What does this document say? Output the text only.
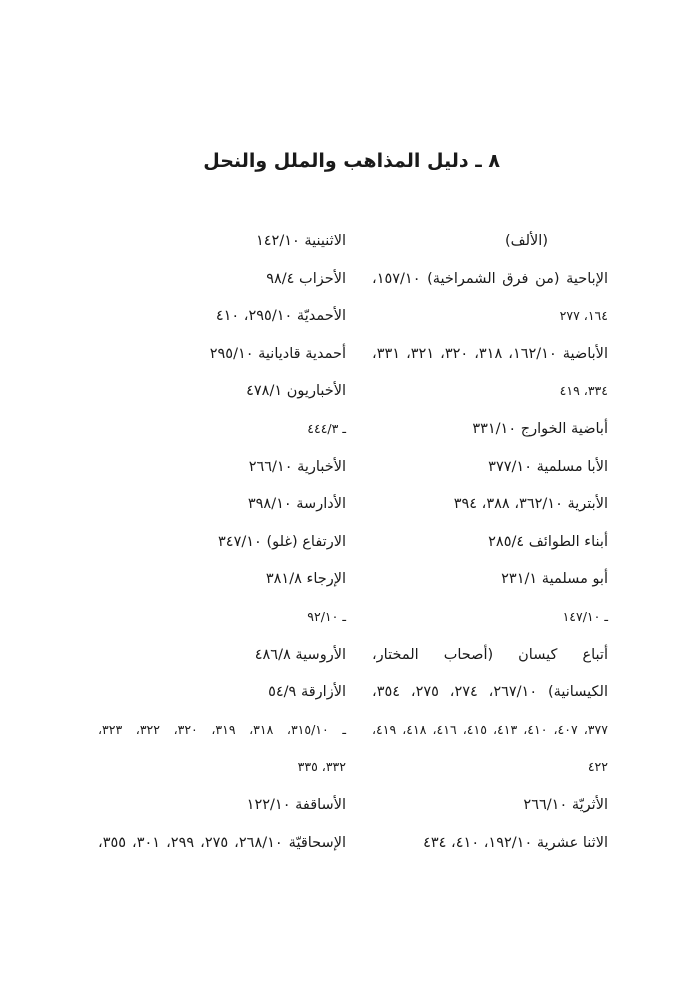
٨ ـ دليل المذاهب والملل والنحل
(الألف)
الإباحية (من فرق الشمراخية) ١٥٧/١٠،
١٦٤، ٢٧٧
الأباضية ١٦٢/١٠، ٣١٨، ٣٢٠، ٣٢١، ٣٣١،
٣٣٤، ٤١٩
أباضية الخوارج ٣٣١/١٠
الأبا مسلمية ٣٧٧/١٠
الأبترية ٣٦٢/١٠، ٣٨٨، ٣٩٤
أبناء الطوائف ٢٨٥/٤
أبو مسلمية ٢٣١/١
ـ ١٤٧/١٠
أتباع كيسان (أصحاب المختار،
الكيسانية) ٢٦٧/١٠، ٢٧٤، ٢٧٥، ٣٥٤،
٣٧٧، ٤٠٧، ٤١٠، ٤١٣، ٤١٥، ٤١٦، ٤١٨، ٤١٩،
٤٢٢
الأثريّة ٢٦٦/١٠
الاثنا عشرية ١٩٢/١٠، ٤١٠، ٤٣٤
الاثنينية ١٤٢/١٠
الأحزاب ٩٨/٤
الأحمديّة ٢٩٥/١٠، ٤١٠
أحمدية قاديانية ٢٩٥/١٠
الأخباريون ٤٧٨/١
ـ ٤٤٤/٣
الأخبارية ٢٦٦/١٠
الأدارسة ٣٩٨/١٠
الارتفاع (غلو) ٣٤٧/١٠
الإرجاء ٣٨١/٨
ـ ٩٢/١٠
الأروسية ٤٨٦/٨
الأزارقة ٥٤/٩
ـ ٣١٥/١٠، ٣١٨، ٣١٩، ٣٢٠، ٣٢٢، ٣٢٣،
٣٣٢، ٣٣٥
الأساقفة ١٢٢/١٠
الإسحاقيّة ٢٦٨/١٠، ٢٧٥، ٢٩٩، ٣٠١، ٣٥٥،
